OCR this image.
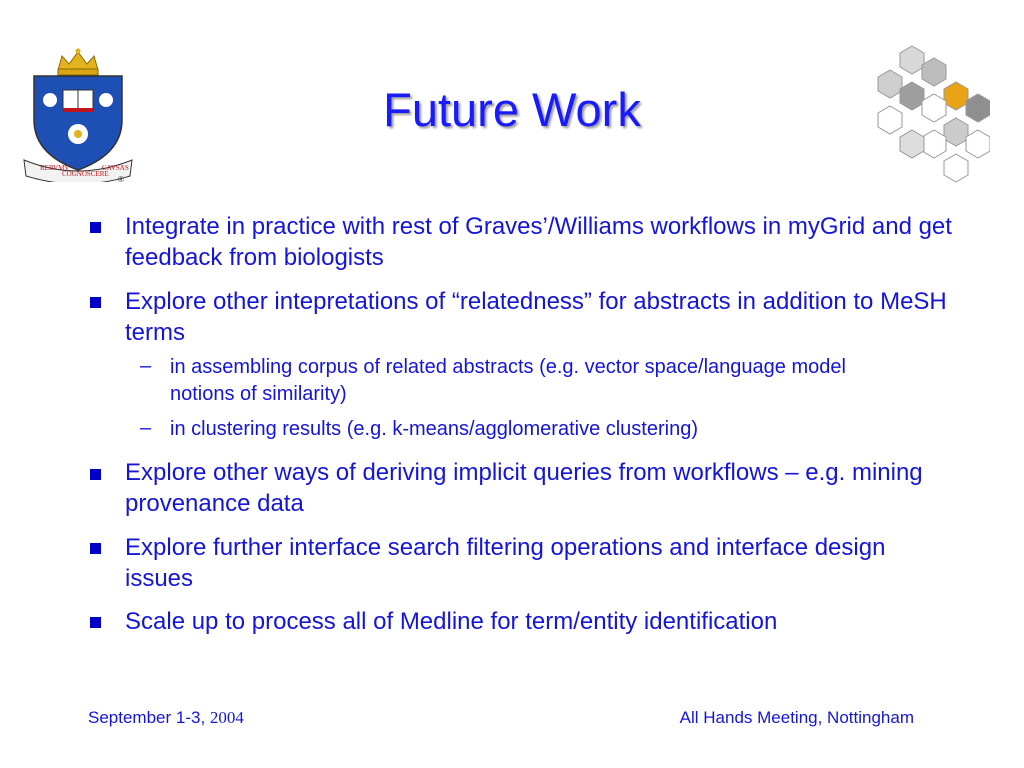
RERVMV
COGNOSCERE
CAVSAS
®
Future Work
Integrate in practice with rest of Graves’/Williams workflows in myGrid and get feedback from biologists
Explore other intepretations of “relatedness” for abstracts in addition to MeSH terms
– in assembling corpus of related abstracts (e.g. vector space/language model notions of similarity)
– in clustering results (e.g. k-means/agglomerative clustering)
Explore other ways of deriving implicit queries from workflows – e.g. mining provenance data
Explore further interface search filtering operations and interface design issues
Scale up to process all of Medline for term/entity identification
September 1-3, 2004	All Hands Meeting, Nottingham
